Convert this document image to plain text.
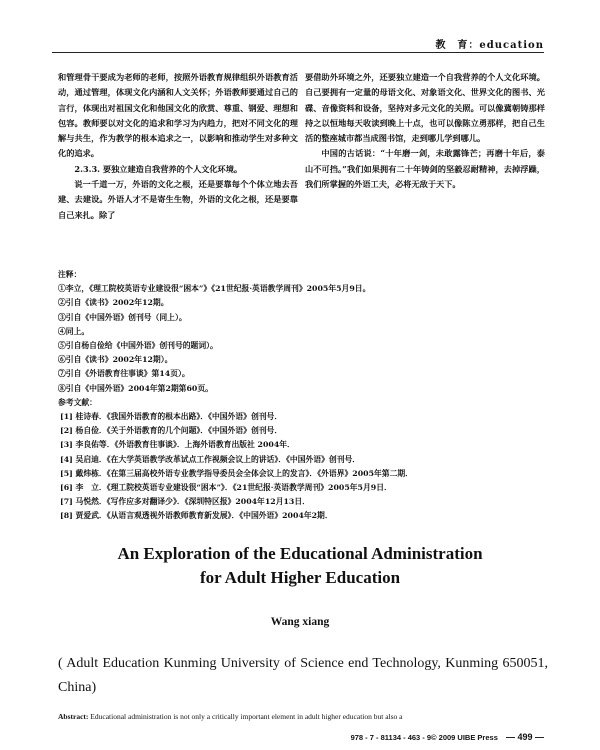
教　育：education

和管理骨干要成为老师的老师，按照外语教育规律组织外语教育活动，通过管理，体现文化内涵和人文关怀；外语教师要通过自己的言行，体现出对祖国文化和他国文化的欣赏、尊重、钢爱、理想和包容。教师要以对文化的追求和学习为内趋力，把对不同文化的理解与共生，作为教学的根本追求之一，以影响和推动学生对多种文化的追求。

2.3.3. 要独立建造自我营养的个人文化环境。

说一千道一万，外语的文化之根，还是要靠每个个体立地去吾建、去建设。外语人才不是寄生生物，外语的文化之根，还是要靠自己来扎。除了

要借助外环境之外，还要独立建造一个自我营养的个人文化环境。自己要拥有一定量的母语文化、对象语文化、世界文化的图书、光碟、音像资料和设备，坚持对多元文化的关照。可以像冀朝铸那样持之以恒地每天收读到晚上十点，也可以像陈立勇那样，把自己生活的整座城市都当成图书馆，走到哪儿学到哪儿。

中国的古话说：“十年磨一剑，未敢露锋芒；再磨十年后，泰山不可挡。”我们如果拥有二十年铸剑的坚毅忍耐精神，去掉浮躁，我们所掌握的外语工夫，必将无敌于天下。

注释：

①李立，《理工院校英语专业建设很“困本”》《21世纪报·英语教学周刊》2005年5月9日。

②引自《读书》2002年12期。

③引自《中国外语》创刊号（同上）。

④同上。

⑤引自杨自俭给《中国外语》创刊号的题词）。

⑥引自《读书》2002年12期）。

⑦引自《外语教育往事谈》第14页）。

⑧引自《中国外语》2004年第2期第60页。

参考文献：

[1] 桂诗春．《我国外语教育的根本出路》．《中国外语》创刊号．

[2] 杨自俭．《关于外语教育的几个问题》．《中国外语》创刊号．

[3] 李良佑等．《外语教育往事谈》．上海外语教育出版社 2004年．

[4] 吴启迪．《在大学英语教学改革试点工作视频会议上的讲话》．《中国外语》创刊号．

[5] 戴炜栋．《在第三届高校外语专业教学指导委员会全体会议上的发言》．《外语界》2005年第二期．

[6] 李　立．《理工院校英语专业建设很“困本”》．《21世纪报·英语教学周刊》2005年5月9日．

[7] 马悦然．《写作应多对翻译少》．《深圳特区报》2004年12月13日．

[8] 贾爱武．《从语言观透视外语教师教育新发展》．《中国外语》2004年2期．

An Exploration of the Educational Administration
for Adult Higher Education
Wang xiang
( Adult Education Kunming University of Science end Technology, Kunming 650051, China)
Abstract: Educational administration is not only a critically important element in adult higher education but also a
978 - 7 - 81134 - 463 - 9© 2009 UIBE Press — 499 —
